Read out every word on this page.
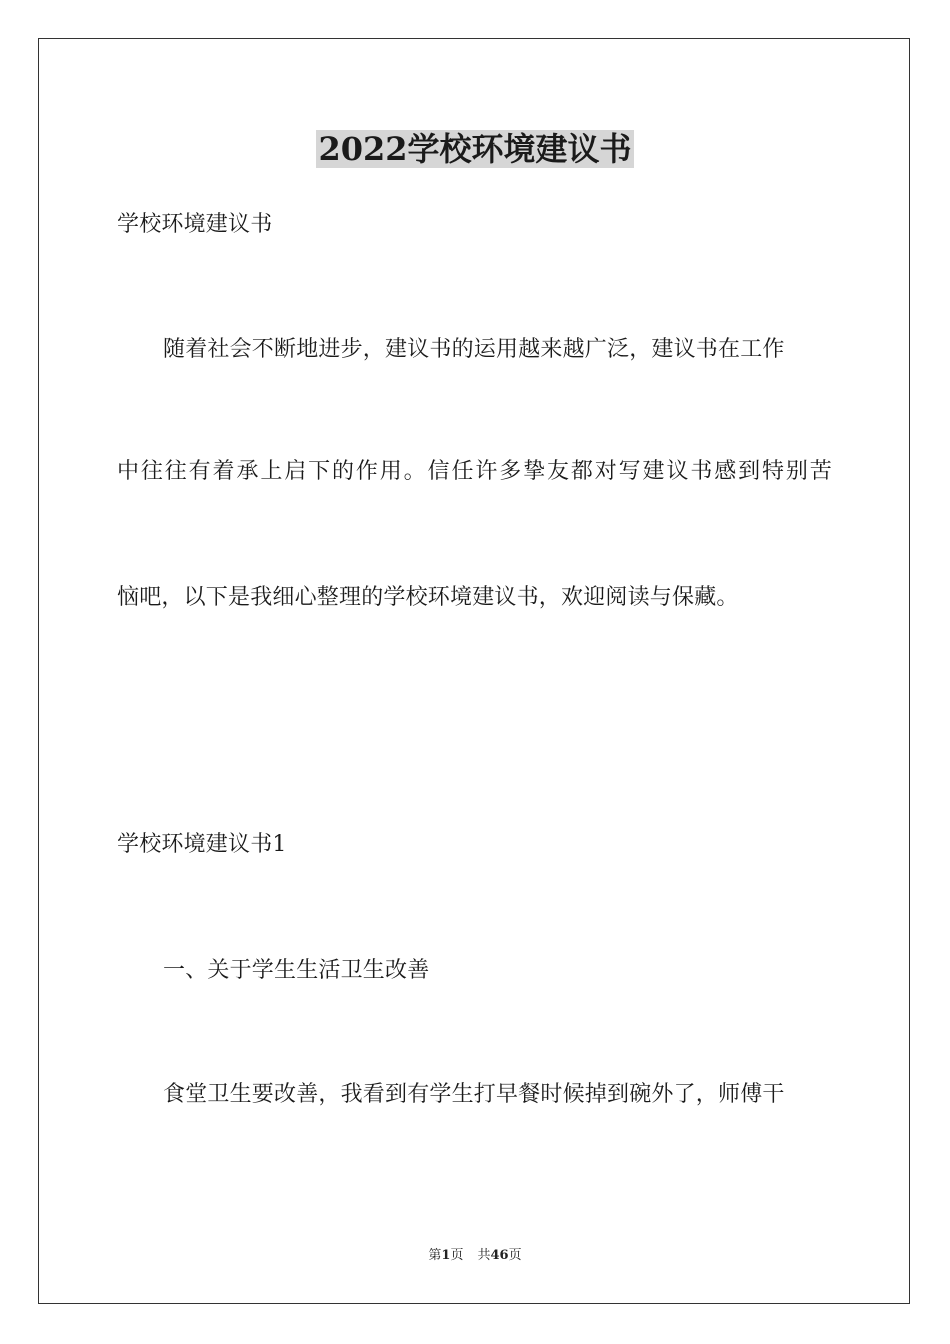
2022学校环境建议书
学校环境建议书
随着社会不断地进步，建议书的运用越来越广泛，建议书在工作
中往往有着承上启下的作用。信任许多挚友都对写建议书感到特别苦
恼吧，以下是我细心整理的学校环境建议书，欢迎阅读与保藏。
学校环境建议书1
一、关于学生生活卫生改善
食堂卫生要改善，我看到有学生打早餐时候掉到碗外了，师傅干
第1页 共46页
